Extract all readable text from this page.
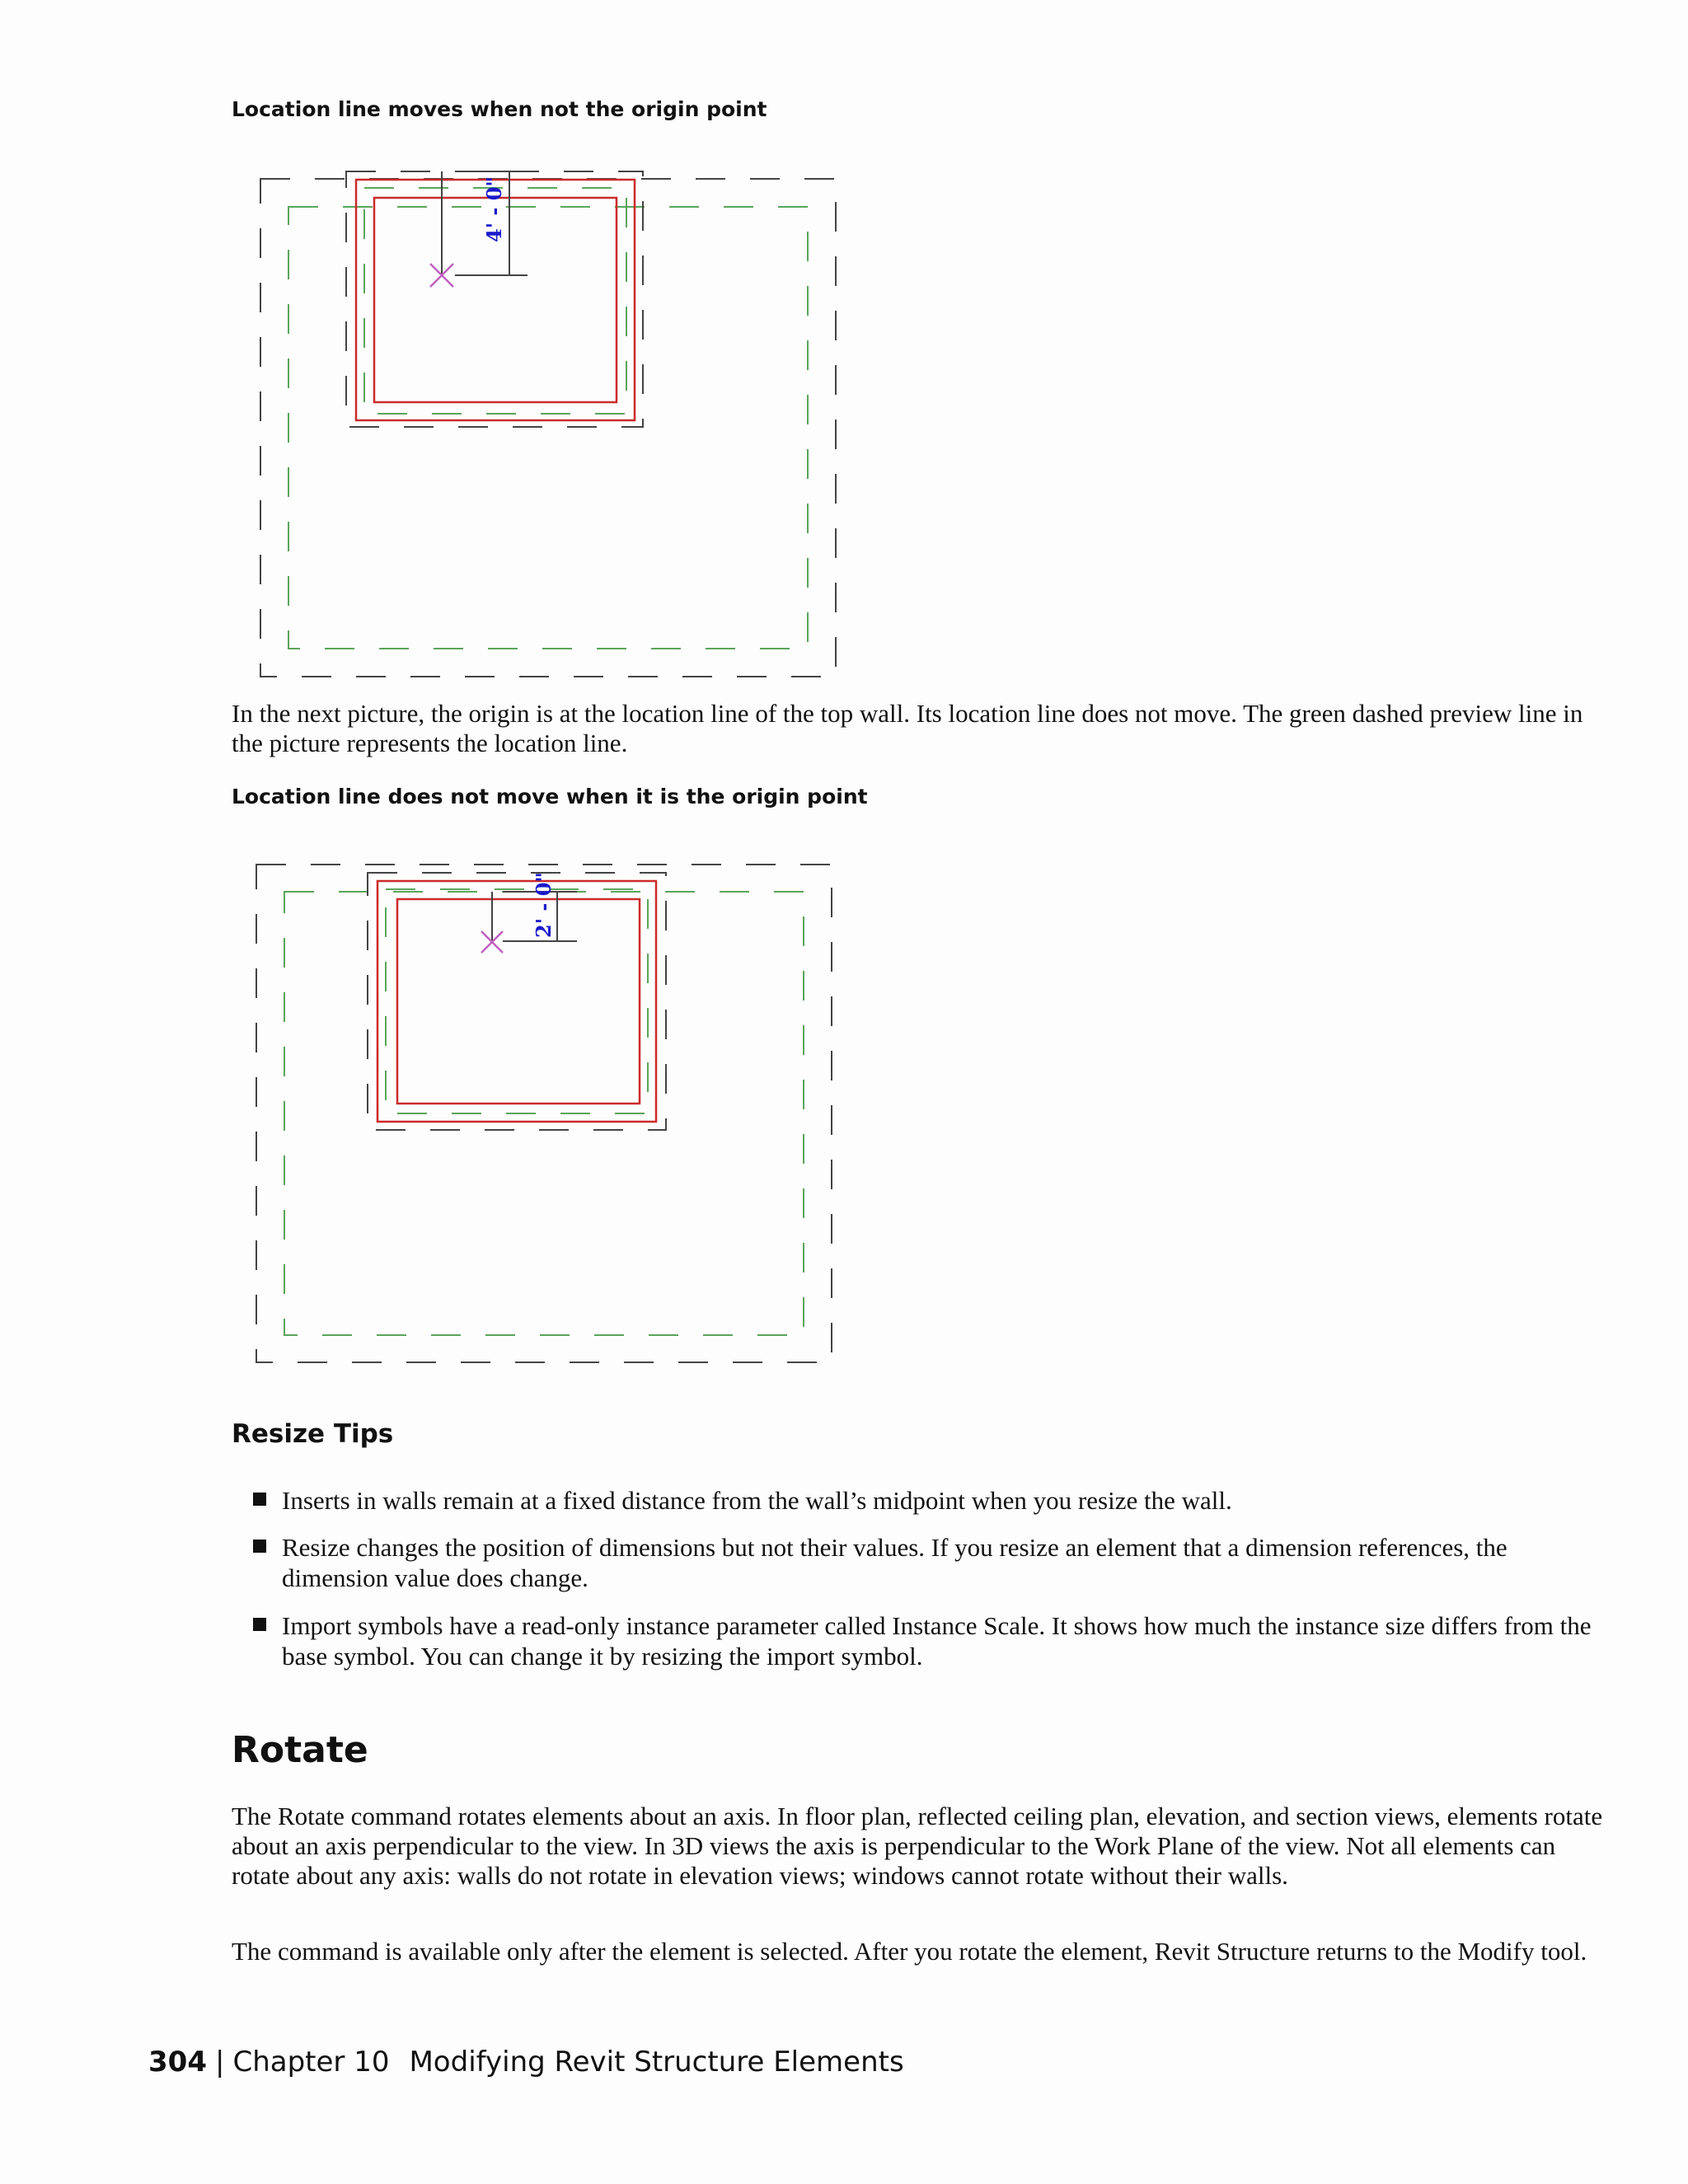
Location line moves when not the origin point

4' - 0"

In the next picture, the origin is at the location line of the top wall. Its location line does not move. The green dashed preview line in the picture represents the location line.

Location line does not move when it is the origin point

2' - 0"

Resize Tips

Inserts in walls remain at a fixed distance from the wall’s midpoint when you resize the wall.
Resize changes the position of dimensions but not their values. If you resize an element that a dimension references, the dimension value does change.
Import symbols have a read-only instance parameter called Instance Scale. It shows how much the instance size differs from the base symbol. You can change it by resizing the import symbol.
Rotate

The Rotate command rotates elements about an axis. In floor plan, reflected ceiling plan, elevation, and section views, elements rotate about an axis perpendicular to the view. In 3D views the axis is perpendicular to the Work Plane of the view. Not all elements can rotate about any axis: walls do not rotate in elevation views; windows cannot rotate without their walls.

The command is available only after the element is selected. After you rotate the element, Revit Structure returns to the Modify tool.

304 | Chapter 10 Modifying Revit Structure Elements
